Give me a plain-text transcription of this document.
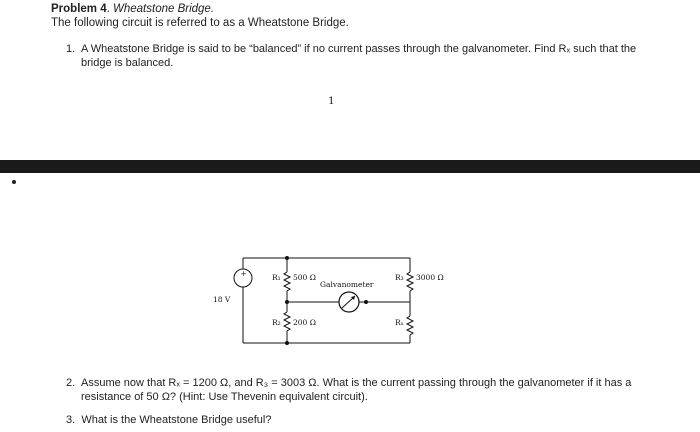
Problem 4. Wheatstone Bridge.
The following circuit is referred to as a Wheatstone Bridge.
1. A Wheatstone Bridge is said to be “balanced” if no current passes through the galvanometer. Find Rₓ such that the bridge is balanced.
1
+
18 V
R₁ 500 Ω
Galvanometer
R₂ 200 Ω
R₃ 3000 Ω
Rₓ
2. Assume now that Rₓ = 1200 Ω, and R₃ = 3003 Ω. What is the current passing through the galvanometer if it has a resistance of 50 Ω? (Hint: Use Thevenin equivalent circuit).
3. What is the Wheatstone Bridge useful?
